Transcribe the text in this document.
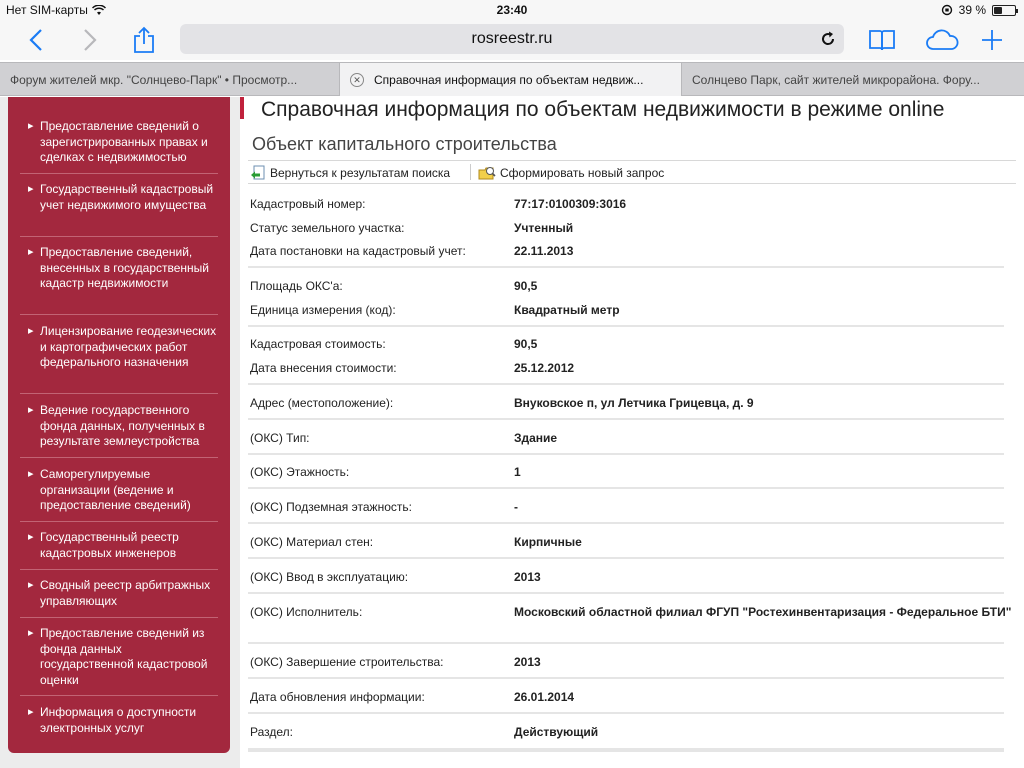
Нет SIM-карты	23:40	39 %
rosreestr.ru
Форум жителей мкр. "Солнцево-Парк" • Просмотр...	✕ Справочная информация по объектам недвиж...	Солнцево Парк, сайт жителей микрорайона. Фору...
▸ Предоставление сведений о зарегистрированных правах и сделках с недвижимостью
▸ Государственный кадастровый учет недвижимого имущества
▸ Предоставление сведений, внесенных в государственный кадастр недвижимости
▸ Лицензирование геодезических и картографических работ федерального назначения
▸ Ведение государственного фонда данных, полученных в результате землеустройства
▸ Саморегулируемые организации (ведение и предоставление сведений)
▸ Государственный реестр кадастровых инженеров
▸ Сводный реестр арбитражных управляющих
▸ Предоставление сведений из фонда данных государственной кадастровой оценки
▸ Информация о доступности электронных услуг
Справочная информация по объектам недвижимости в режиме online
Объект капитального строительства
Вернуться к результатам поиска	Сформировать новый запрос
Кадастровый номер:	77:17:0100309:3016
Статус земельного участка:	Учтенный
Дата постановки на кадастровый учет:	22.11.2013
Площадь ОКС'а:	90,5
Единица измерения (код):	Квадратный метр
Кадастровая стоимость:	90,5
Дата внесения стоимости:	25.12.2012
Адрес (местоположение):	Внуковское п, ул Летчика Грицевца, д. 9
(ОКС) Тип:	Здание
(ОКС) Этажность:	1
(ОКС) Подземная этажность:	-
(ОКС) Материал стен:	Кирпичные
(ОКС) Ввод в эксплуатацию:	2013
(ОКС) Исполнитель:	Московский областной филиал ФГУП "Ростехинвентаризация - Федеральное БТИ"
(ОКС) Завершение строительства:	2013
Дата обновления информации:	26.01.2014
Раздел:	Действующий
